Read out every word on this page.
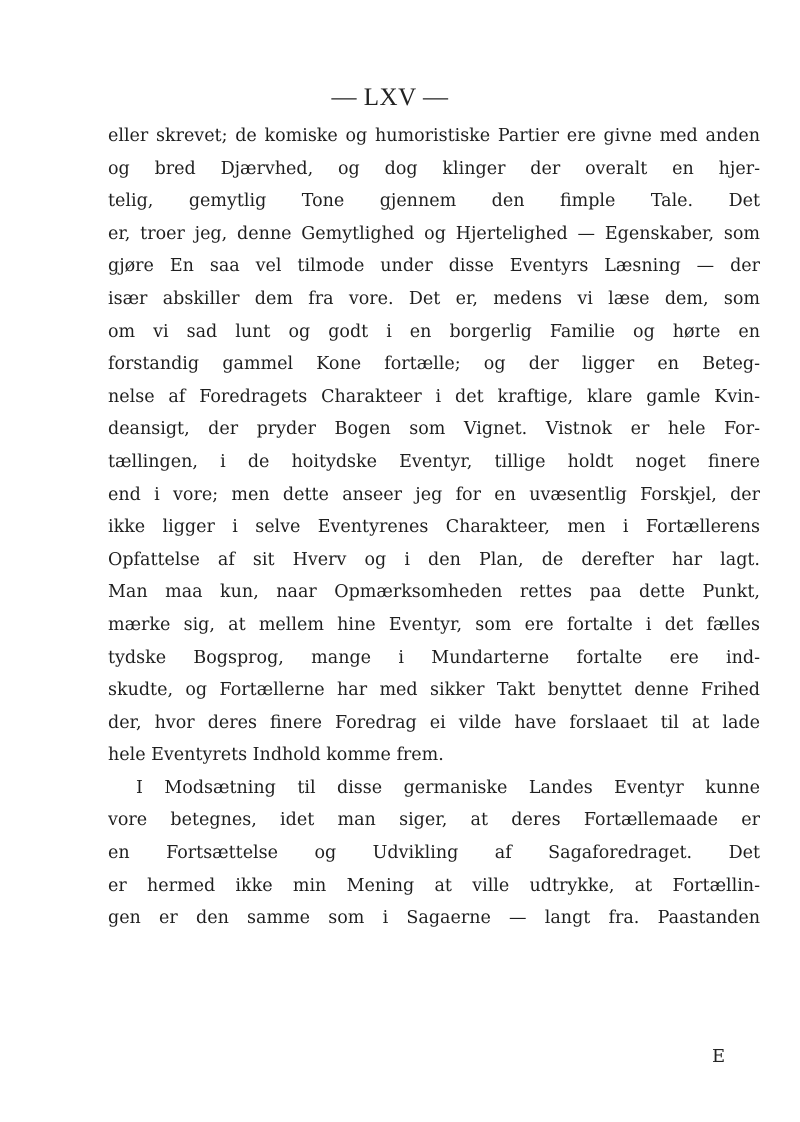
— LXV —
eller skrevet; de komiske og humoristiske Partier ere givne med anden
og bred Djærvhed, og dog klinger der overalt en hjer-
telig, gemytlig Tone gjennem den fimple Tale. Det
er, troer jeg, denne Gemytlighed og Hjertelighed — Egenskaber, som
gjøre En saa vel tilmode under disse Eventyrs Læsning — der
især abskiller dem fra vore. Det er, medens vi læse dem, som
om vi sad lunt og godt i en borgerlig Familie og hørte en
forstandig gammel Kone fortælle; og der ligger en Beteg-
nelse af Foredragets Charakteer i det kraftige, klare gamle Kvin-
deansigt, der pryder Bogen som Vignet. Vistnok er hele For-
tællingen, i de hoitydske Eventyr, tillige holdt noget finere
end i vore; men dette anseer jeg for en uvæsentlig Forskjel, der
ikke ligger i selve Eventyrenes Charakteer, men i Fortællerens
Opfattelse af sit Hverv og i den Plan, de derefter har lagt.
Man maa kun, naar Opmærksomheden rettes paa dette Punkt,
mærke sig, at mellem hine Eventyr, som ere fortalte i det fælles
tydske Bogsprog, mange i Mundarterne fortalte ere ind-
skudte, og Fortællerne har med sikker Takt benyttet denne Frihed
der, hvor deres finere Foredrag ei vilde have forslaaet til at lade
hele Eventyrets Indhold komme frem.
I Modsætning til disse germaniske Landes Eventyr kunne
vore betegnes, idet man siger, at deres Fortællemaade er
en Fortsættelse og Udvikling af Sagaforedraget. Det
er hermed ikke min Mening at ville udtrykke, at Fortællin-
gen er den samme som i Sagaerne — langt fra. Paastanden
E
